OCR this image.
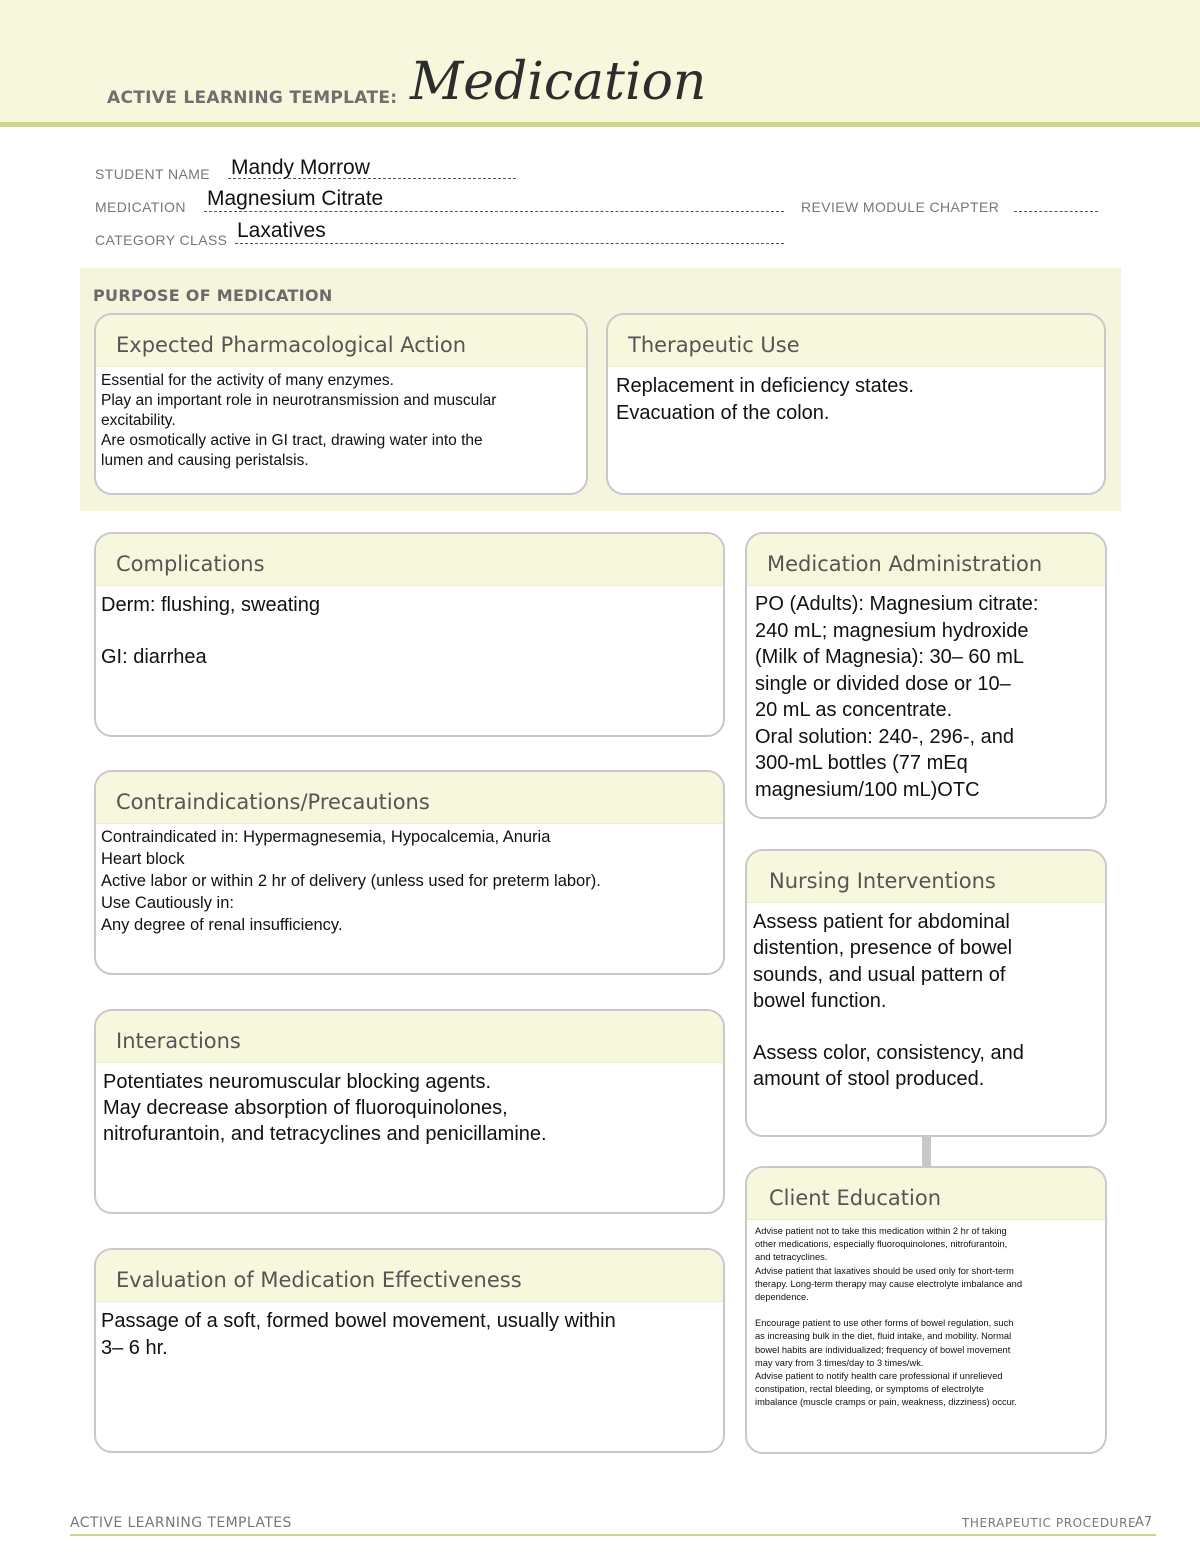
ACTIVE LEARNING TEMPLATE: Medication
STUDENT NAME Mandy Morrow
MEDICATION Magnesium Citrate	REVIEW MODULE CHAPTER
CATEGORY CLASS Laxatives
PURPOSE OF MEDICATION
Expected Pharmacological Action
Essential for the activity of many enzymes.
Play an important role in neurotransmission and muscular
excitability.
Are osmotically active in GI tract, drawing water into the
lumen and causing peristalsis.
Therapeutic Use
Replacement in deficiency states.
Evacuation of the colon.
Complications
Derm: flushing, sweating
GI: diarrhea
Contraindications/Precautions
Contraindicated in: Hypermagnesemia, Hypocalcemia, Anuria
Heart block
Active labor or within 2 hr of delivery (unless used for preterm labor).
Use Cautiously in:
Any degree of renal insufficiency.
Interactions
Potentiates neuromuscular blocking agents.
May decrease absorption of fluoroquinolones,
nitrofurantoin, and tetracyclines and penicillamine.
Evaluation of Medication Effectiveness
Passage of a soft, formed bowel movement, usually within
3– 6 hr.
Medication Administration
PO (Adults): Magnesium citrate:
240 mL; magnesium hydroxide
(Milk of Magnesia): 30– 60 mL
single or divided dose or 10–
20 mL as concentrate.
Oral solution: 240-, 296-, and
300-mL bottles (77 mEq
magnesium/100 mL)OTC
Nursing Interventions
Assess patient for abdominal
distention, presence of bowel
sounds, and usual pattern of
bowel function.
Assess color, consistency, and
amount of stool produced.
Client Education
Advise patient not to take this medication within 2 hr of taking
other medications, especially fluoroquinolones, nitrofurantoin,
and tetracyclines.
Advise patient that laxatives should be used only for short-term
therapy. Long-term therapy may cause electrolyte imbalance and
dependence.
Encourage patient to use other forms of bowel regulation, such
as increasing bulk in the diet, fluid intake, and mobility. Normal
bowel habits are individualized; frequency of bowel movement
may vary from 3 times/day to 3 times/wk.
Advise patient to notify health care professional if unrelieved
constipation, rectal bleeding, or symptoms of electrolyte
imbalance (muscle cramps or pain, weakness, dizziness) occur.
ACTIVE LEARNING TEMPLATES	THERAPEUTIC PROCEDURE
A7
